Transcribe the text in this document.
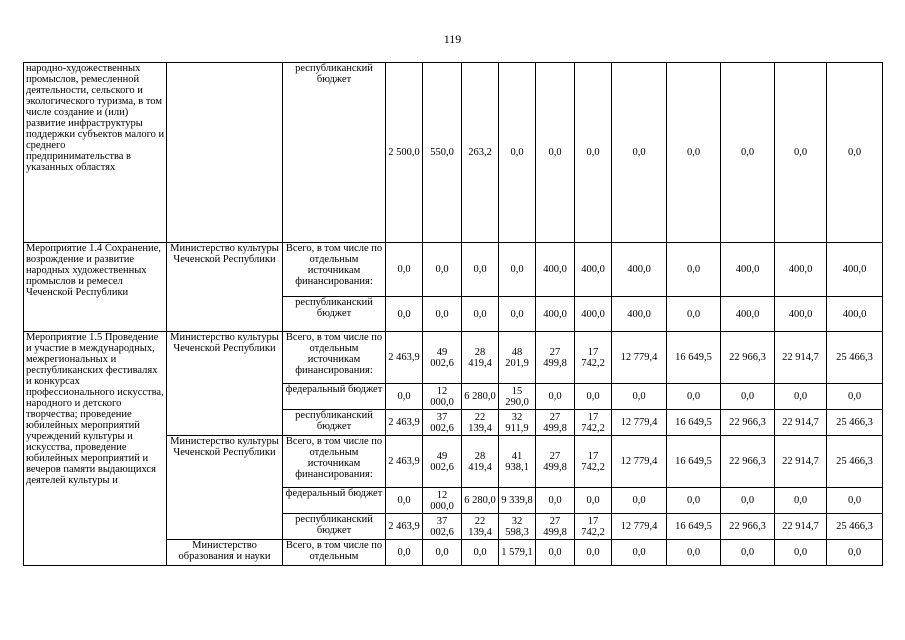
119
народно-художественных промыслов, ремесленной деятельности, сельского и экологического туризма, в том числе создание и (или) развитие инфраструктуры поддержки субъектов малого и среднего предпринимательства в указанных областях		республиканский бюджет	2 500,0	550,0	263,2	0,0	0,0	0,0	0,0	0,0	0,0	0,0	0,0
Мероприятие 1.4 Сохранение, возрождение и развитие народных художественных промыслов и ремесел Чеченской Республики	Министерство культуры Чеченской Республики	Всего, в том числе по отдельным источникам финансирования:	0,0	0,0	0,0	0,0	400,0	400,0	400,0	0,0	400,0	400,0	400,0
		республиканский бюджет	0,0	0,0	0,0	0,0	400,0	400,0	400,0	0,0	400,0	400,0	400,0
Мероприятие 1.5 Проведение и участие в международных, межрегиональных и республиканских фестивалях и конкурсах профессионального искусства, народного и детского творчества; проведение юбилейных мероприятий учреждений культуры и искусства, проведение юбилейных мероприятий и вечеров памяти выдающихся деятелей культуры и	Министерство культуры Чеченской Республики	Всего, в том числе по отдельным источникам финансирования:	2 463,9	49 002,6	28 419,4	48 201,9	27 499,8	17 742,2	12 779,4	16 649,5	22 966,3	22 914,7	25 466,3
		федеральный бюджет	0,0	12 000,0	6 280,0	15 290,0	0,0	0,0	0,0	0,0	0,0	0,0	0,0
		республиканский бюджет	2 463,9	37 002,6	22 139,4	32 911,9	27 499,8	17 742,2	12 779,4	16 649,5	22 966,3	22 914,7	25 466,3
	Министерство культуры Чеченской Республики	Всего, в том числе по отдельным источникам финансирования:	2 463,9	49 002,6	28 419,4	41 938,1	27 499,8	17 742,2	12 779,4	16 649,5	22 966,3	22 914,7	25 466,3
		федеральный бюджет	0,0	12 000,0	6 280,0	9 339,8	0,0	0,0	0,0	0,0	0,0	0,0	0,0
		республиканский бюджет	2 463,9	37 002,6	22 139,4	32 598,3	27 499,8	17 742,2	12 779,4	16 649,5	22 966,3	22 914,7	25 466,3
	Министерство образования и науки	Всего, в том числе по отдельным	0,0	0,0	0,0	1 579,1	0,0	0,0	0,0	0,0	0,0	0,0	0,0
